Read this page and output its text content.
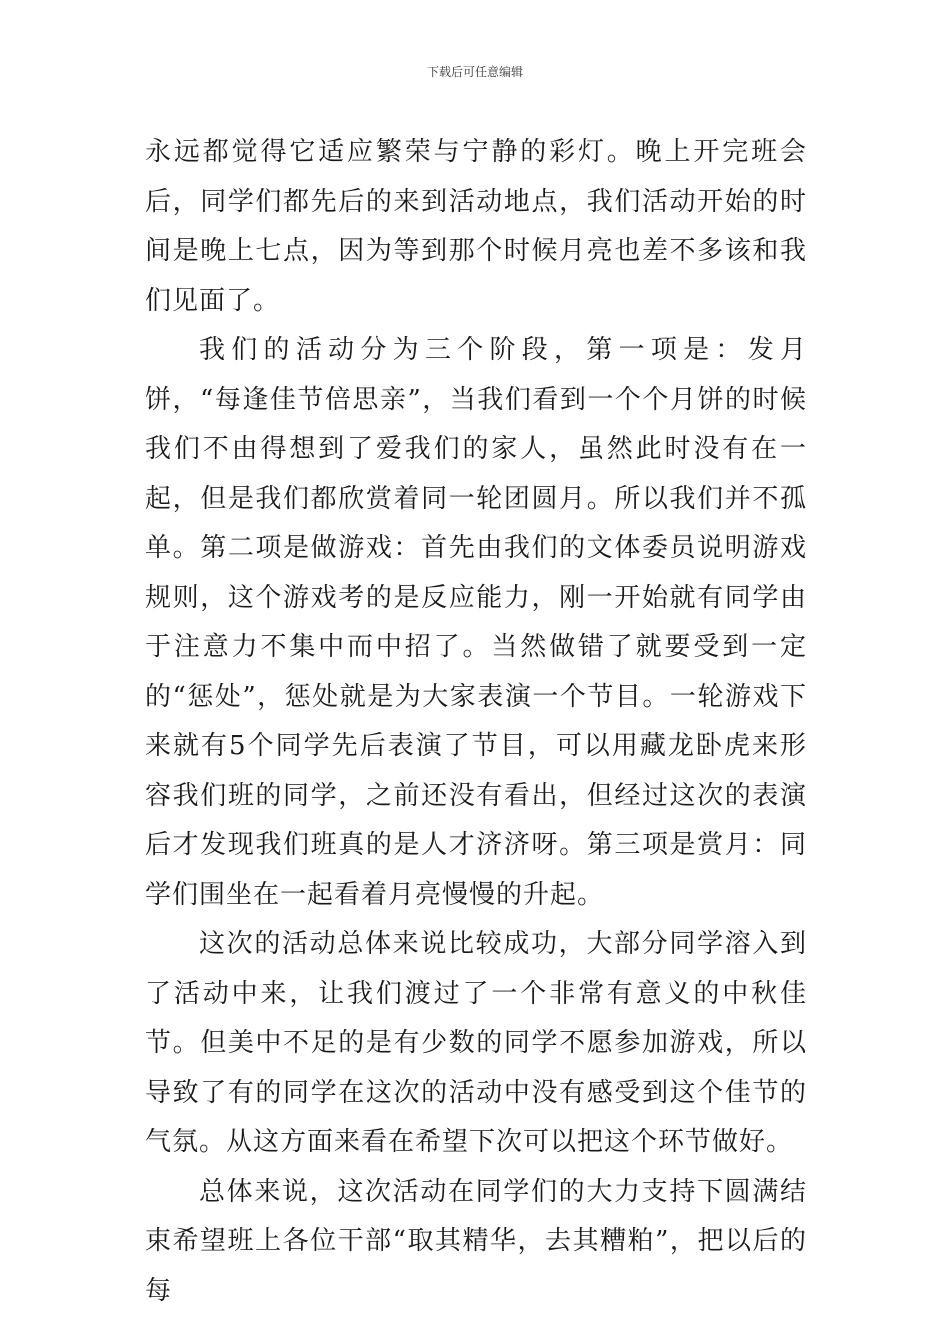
下载后可任意编辑

永远都觉得它适应繁荣与宁静的彩灯。晚上开完班会后，同学们都先后的来到活动地点，我们活动开始的时间是晚上七点，因为等到那个时候月亮也差不多该和我们见面了。

我们的活动分为三个阶段，第一项是：发月饼，“每逢佳节倍思亲”，当我们看到一个个月饼的时候我们不由得想到了爱我们的家人，虽然此时没有在一起，但是我们都欣赏着同一轮团圆月。所以我们并不孤单。第二项是做游戏：首先由我们的文体委员说明游戏规则，这个游戏考的是反应能力，刚一开始就有同学由于注意力不集中而中招了。当然做错了就要受到一定的“惩处”，惩处就是为大家表演一个节目。一轮游戏下来就有5个同学先后表演了节目，可以用藏龙卧虎来形容我们班的同学，之前还没有看出，但经过这次的表演后才发现我们班真的是人才济济呀。第三项是赏月：同学们围坐在一起看着月亮慢慢的升起。

这次的活动总体来说比较成功，大部分同学溶入到了活动中来，让我们渡过了一个非常有意义的中秋佳节。但美中不足的是有少数的同学不愿参加游戏，所以导致了有的同学在这次的活动中没有感受到这个佳节的气氛。从这方面来看在希望下次可以把这个环节做好。

总体来说，这次活动在同学们的大力支持下圆满结束希望班上各位干部“取其精华，去其糟粕”，把以后的每
